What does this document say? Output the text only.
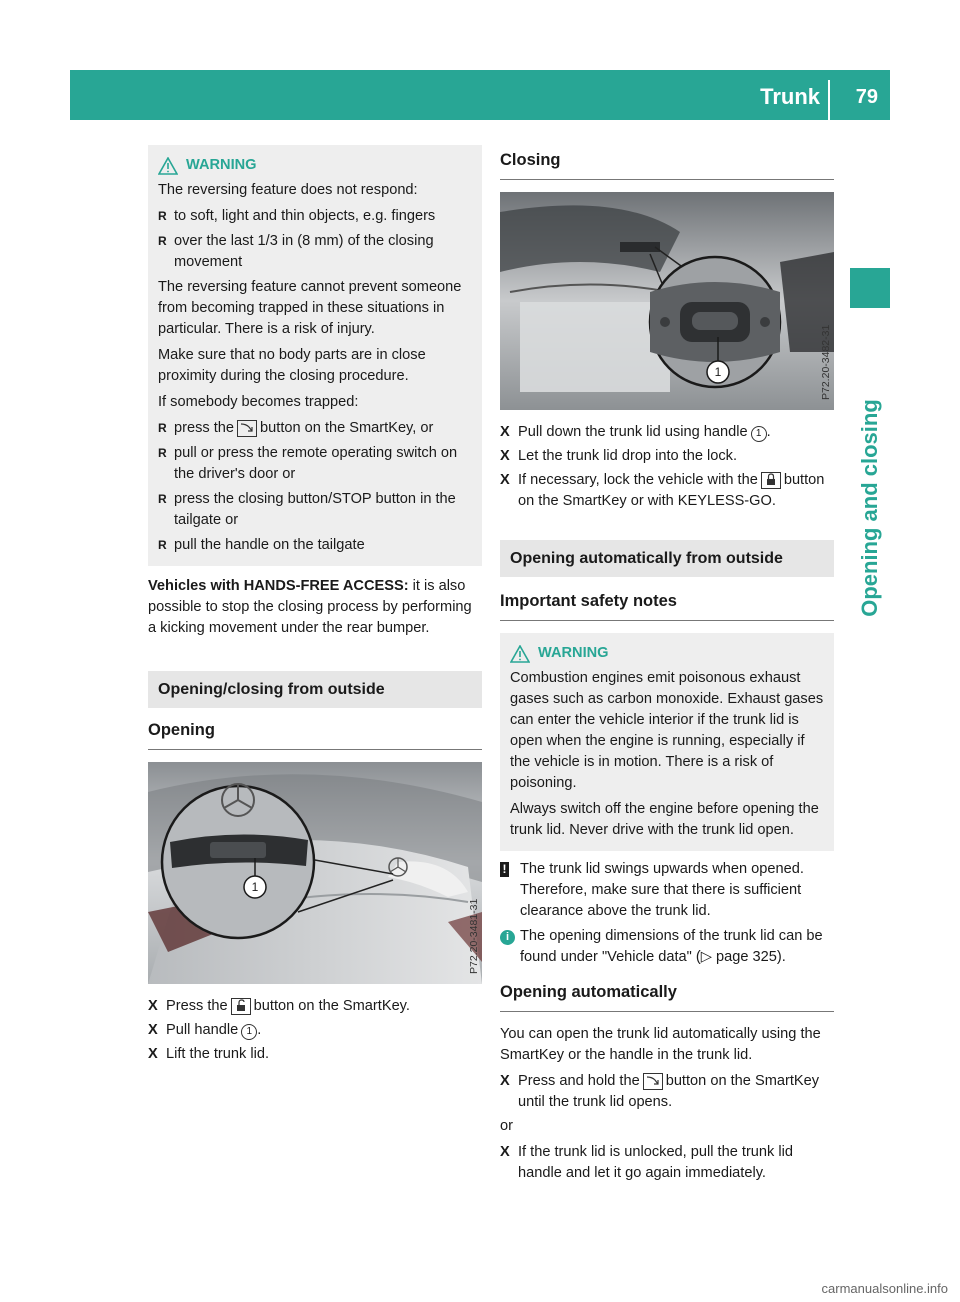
Trunk 79
Opening and closing
WARNING

The reversing feature does not respond:

R to soft, light and thin objects, e.g. fingers
R over the last 1/3 in (8 mm) of the closing movement

The reversing feature cannot prevent someone from becoming trapped in these situations in particular. There is a risk of injury.

Make sure that no body parts are in close proximity during the closing procedure.

If somebody becomes trapped:

R press the button on the SmartKey, or
R pull or press the remote operating switch on the driver's door or
R press the closing button/STOP button in the tailgate or
R pull the handle on the tailgate

Vehicles with HANDS-FREE ACCESS: it is also possible to stop the closing process by performing a kicking movement under the rear bumper.

Opening/closing from outside
Opening
1
X Press the button on the SmartKey.
X Pull handle 1 .
X Lift the trunk lid.
Closing
1
X Pull down the trunk lid using handle 1 .
X Let the trunk lid drop into the lock.
X If necessary, lock the vehicle with the button on the SmartKey or with KEYLESS-GO.
Opening automatically from outside
Important safety notes
WARNING

Combustion engines emit poisonous exhaust gases such as carbon monoxide. Exhaust gases can enter the vehicle interior if the trunk lid is open when the engine is running, especially if the vehicle is in motion. There is a risk of poisoning.

Always switch off the engine before opening the trunk lid. Never drive with the trunk lid open.

! The trunk lid swings upwards when opened. Therefore, make sure that there is sufficient clearance above the trunk lid.
i The opening dimensions of the trunk lid can be found under "Vehicle data" (▷ page 325).
Opening automatically

You can open the trunk lid automatically using the SmartKey or the handle in the trunk lid.

X Press and hold the button on the SmartKey until the trunk lid opens.

or

X If the trunk lid is unlocked, pull the trunk lid handle and let it go again immediately.
carmanualsonline.info
